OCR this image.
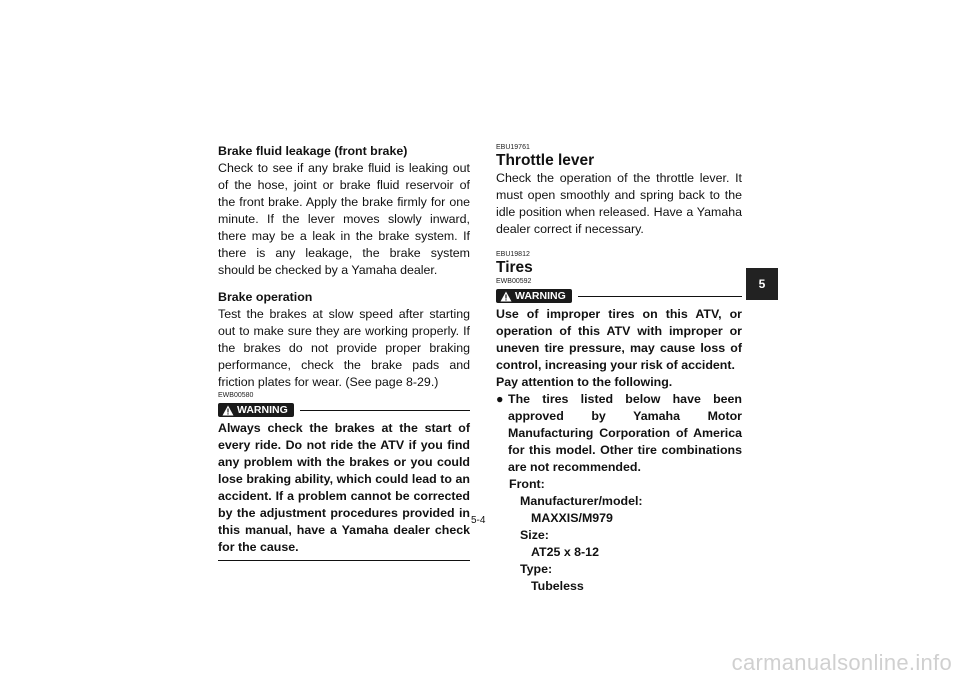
Brake fluid leakage (front brake)

Check to see if any brake fluid is leaking out of the hose, joint or brake fluid reservoir of the front brake. Apply the brake firmly for one minute. If the lever moves slowly inward, there may be a leak in the brake system. If there is any leakage, the brake system should be checked by a Yamaha dealer.

Brake operation

Test the brakes at slow speed after starting out to make sure they are working properly. If the brakes do not provide proper braking performance, check the brake pads and friction plates for wear. (See page 8-29.)

EWB00580

WARNING

Always check the brakes at the start of every ride. Do not ride the ATV if you find any problem with the brakes or you could lose braking ability, which could lead to an accident. If a problem cannot be corrected by the adjustment procedures provided in this manual, have a Yamaha dealer check for the cause.

EBU19761

Throttle lever

Check the operation of the throttle lever. It must open smoothly and spring back to the idle position when released. Have a Yamaha dealer correct if necessary.

EBU19812

Tires

EWB00592

WARNING

Use of improper tires on this ATV, or operation of this ATV with improper or uneven tire pressure, may cause loss of control, increasing your risk of accident.

Pay attention to the following.

● The tires listed below have been approved by Yamaha Motor Manufacturing Corporation of America for this model. Other tire combinations are not recommended.

Front:

Manufacturer/model:

MAXXIS/M979

Size:

AT25 x 8-12

Type:

Tubeless

5
5-4
carmanualsonline.info
